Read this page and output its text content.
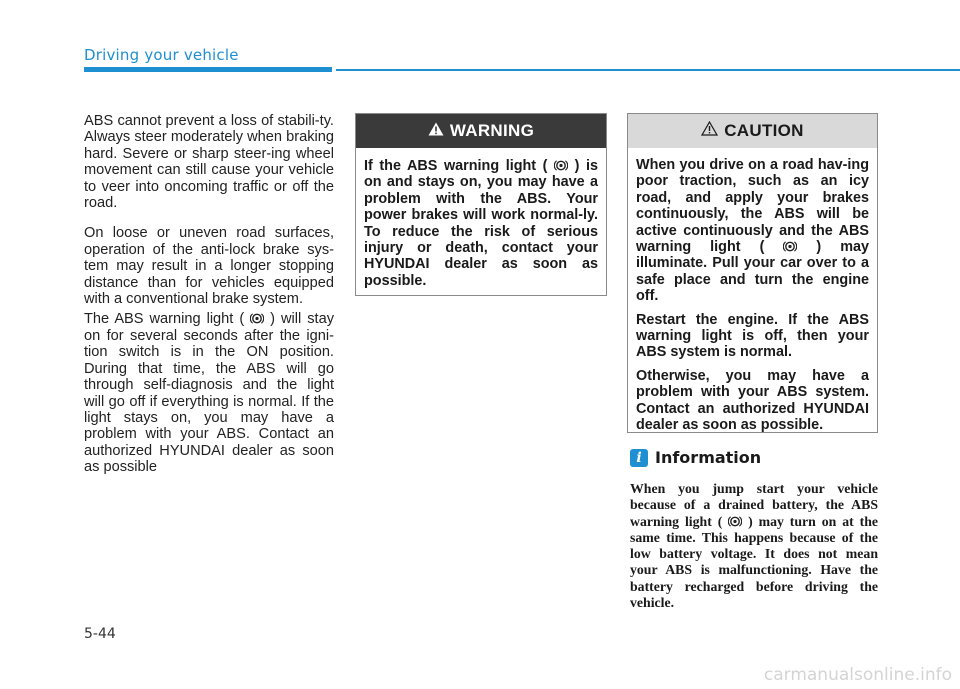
Driving your vehicle

ABS cannot prevent a loss of stabili-ty. Always steer moderately when braking hard. Severe or sharp steer-ing wheel movement can still cause your vehicle to veer into oncoming traffic or off the road.

On loose or uneven road surfaces, operation of the anti-lock brake sys-tem may result in a longer stopping distance than for vehicles equipped with a conventional brake system.

The ABS warning light ( ) will stay on for several seconds after the igni-tion switch is in the ON position. During that time, the ABS will go through self-diagnosis and the light will go off if everything is normal. If the light stays on, you may have a problem with your ABS. Contact an authorized HYUNDAI dealer as soon as possible

WARNING

If the ABS warning light ( ) is on and stays on, you may have a problem with the ABS. Your power brakes will work normal-ly. To reduce the risk of serious injury or death, contact your HYUNDAI dealer as soon as possible.

CAUTION

When you drive on a road hav-ing poor traction, such as an icy road, and apply your brakes continuously, the ABS will be active continuously and the ABS warning light (	) may illuminate. Pull your car over to a safe place and turn the engine off.

Restart the engine. If the ABS warning light is off, then your ABS system is normal.

Otherwise, you may have a problem with your ABS system. Contact an authorized HYUNDAI dealer as soon as possible.

i Information
When you jump start your vehicle because of a drained battery, the ABS warning light ( ) may turn on at the same time. This happens because of the low battery voltage. It does not mean your ABS is malfunctioning. Have the battery recharged before driving the vehicle.
5-44
carmanualsonline.info
